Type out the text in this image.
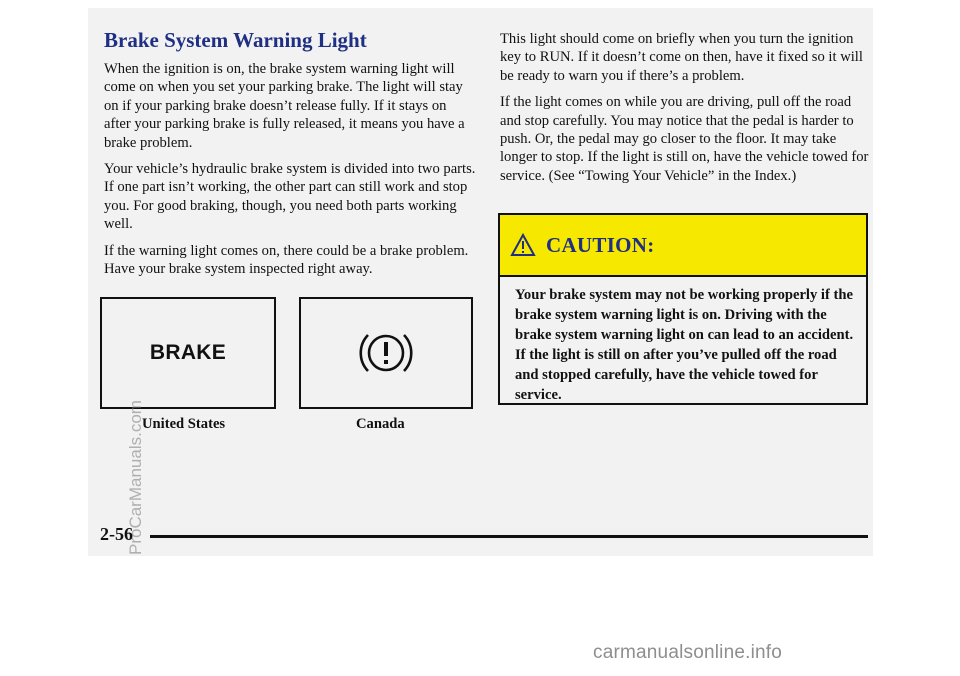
Brake System Warning Light

When the ignition is on, the brake system warning light will come on when you set your parking brake. The light will stay on if your parking brake doesn’t release fully. If it stays on after your parking brake is fully released, it means you have a brake problem.

Your vehicle’s hydraulic brake system is divided into two parts. If one part isn’t working, the other part can still work and stop you. For good braking, though, you need both parts working well.

If the warning light comes on, there could be a brake problem. Have your brake system inspected right away.

BRAKE
United States	Canada

This light should come on briefly when you turn the ignition key to RUN. If it doesn’t come on then, have it fixed so it will be ready to warn you if there’s a problem.

If the light comes on while you are driving, pull off the road and stop carefully. You may notice that the pedal is harder to push. Or, the pedal may go closer to the floor. It may take longer to stop. If the light is still on, have the vehicle towed for service. (See “Towing Your Vehicle” in the Index.)

CAUTION:
Your brake system may not be working properly if the brake system warning light is on. Driving with the brake system warning light on can lead to an accident. If the light is still on after you’ve pulled off the road and stopped carefully, have the vehicle towed for service.
2-56
ProCarManuals.com
carmanualsonline.info
